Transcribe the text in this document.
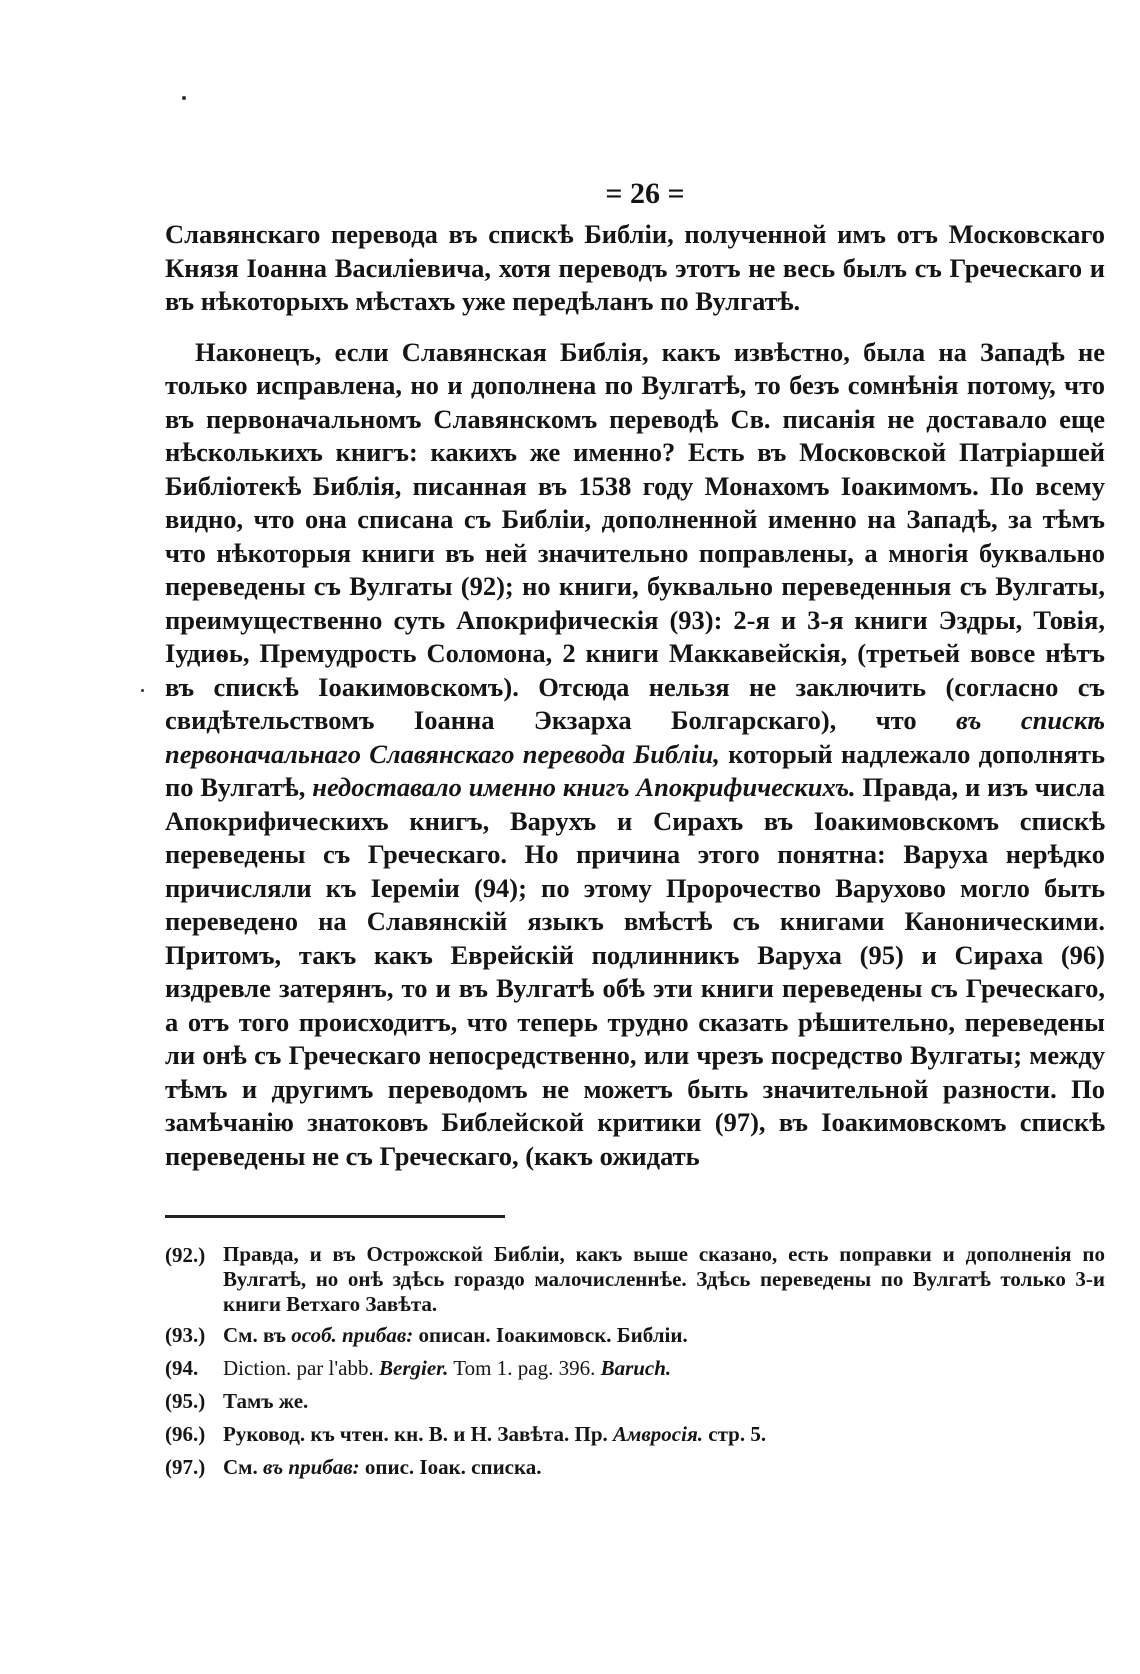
= 26 =

Славянскаго перевода въ спискѣ Библіи, полученной имъ отъ Московскаго Князя Іоанна Василіевича, хотя переводъ этотъ не весь былъ съ Греческаго и въ нѣкоторыхъ мѣстахъ уже передѣланъ по Вулгатѣ.

Наконецъ, если Славянская Библія, какъ извѣстно, была на Западѣ не только исправлена, но и дополнена по Вулгатѣ, то безъ сомнѣнія потому, что въ первоначальномъ Славянскомъ переводѣ Св. писанія не доставало еще нѣсколькихъ книгъ: какихъ же именно? Есть въ Московской Патріаршей Библіотекѣ Библія, писанная въ 1538 году Монахомъ Іоакимомъ. По всему видно, что она списана съ Библіи, дополненной именно на Западѣ, за тѣмъ что нѣкоторыя книги въ ней значительно поправлены, а многія буквально переведены съ Вулгаты (92); но книги, буквально переведенныя съ Вулгаты, преимущественно суть Апокрифическія (93): 2-я и 3-я книги Эздры, Товія, Іудиѳь, Премудрость Соломона, 2 книги Маккавейскія, (третьей вовсе нѣтъ въ спискѣ Іоакимовскомъ). Отсюда нельзя не заключить (согласно съ свидѣтельствомъ Іоанна Экзарха Болгарскаго), что въ спискѣ первоначальнаго Славянскаго перевода Библіи, который надлежало дополнять по Вулгатѣ, недоставало именно книгъ Апокрифическихъ. Правда, и изъ числа Апокрифическихъ книгъ, Варухъ и Сирахъ въ Іоакимовскомъ спискѣ переведены съ Греческаго. Но причина этого понятна: Варуха нерѣдко причисляли къ Іереміи (94); по этому Пророчество Варухово могло быть переведено на Славянскій языкъ вмѣстѣ съ книгами Каноническими. Притомъ, такъ какъ Еврейскій подлинникъ Варуха (95) и Сираха (96) издревле затерянъ, то и въ Вулгатѣ обѣ эти книги переведены съ Греческаго, а отъ того происходитъ, что теперь трудно сказать рѣшительно, переведены ли онѣ съ Греческаго непосредственно, или чрезъ посредство Вулгаты; между тѣмъ и другимъ переводомъ не можетъ быть значительной разности. По замѣчанію знатоковъ Библейской критики (97), въ Іоакимовскомъ спискѣ переведены не съ Греческаго, (какъ ожидать

(92.) Правда, и въ Острожской Библіи, какъ выше сказано, есть поправки и дополненія по Вулгатѣ, но онѣ здѣсь гораздо малочисленнѣе. Здѣсь переведены по Вулгатѣ только 3-и книги Ветхаго Завѣта.
(93.) См. въ особ. прибав: описан. Іоакимовск. Библіи.
(94.	Diction. par l'abb. Bergier. Tom 1. pag. 396. Baruch.
(95.) Тамъ же.
(96.) Руковод. къ чтен. кн. В. и Н. Завѣта. Пр. Амвросія. стр. 5.
(97.) См. въ прибав: опис. Іоак. списка.
